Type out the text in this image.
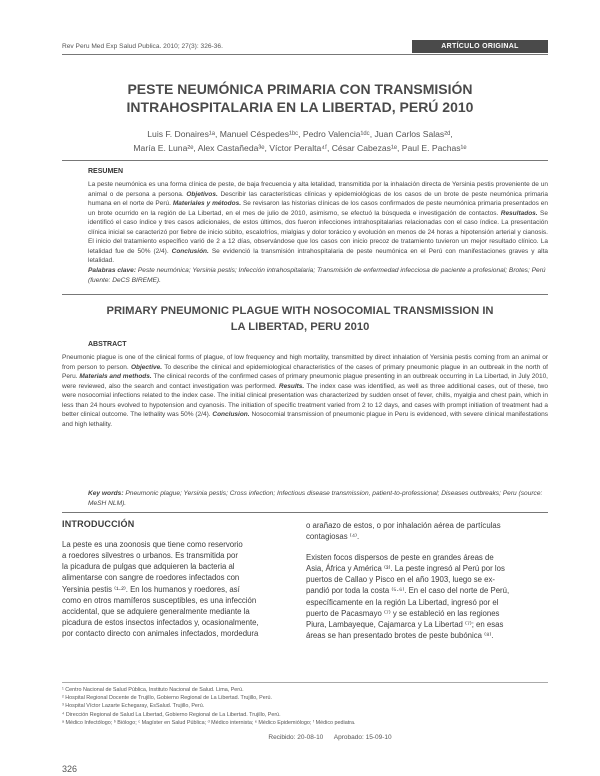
Rev Peru Med Exp Salud Publica. 2010; 27(3): 326-36.	ARTÍCULO ORIGINAL
PESTE NEUMÓNICA PRIMARIA CON TRANSMISIÓN
INTRAHOSPITALARIA EN LA LIBERTAD, PERÚ 2010
Luis F. Donaires¹ᵃ, Manuel Céspedes¹ᵇᶜ, Pedro Valencia¹ᵈᶜ, Juan Carlos Salas²ᵈ,
María E. Luna²ᵉ, Alex Castañeda³ᵉ, Víctor Peralta⁴ᶠ, César Cabezas¹ᵉ, Paul E. Pachas¹ᵉ
RESUMEN
La peste neumónica es una forma clínica de peste, de baja frecuencia y alta letalidad, transmitida por la inhalación directa de Yersinia pestis proveniente de un animal o de persona a persona. Objetivos. Describir las características clínicas y epidemiológicas de los casos de un brote de peste neumónica primaria humana en el norte de Perú. Materiales y métodos. Se revisaron las historias clínicas de los casos confirmados de peste neumónica primaria presentados en un brote ocurrido en la región de La Libertad, en el mes de julio de 2010, asimismo, se efectuó la búsqueda e investigación de contactos. Resultados. Se identificó el caso índice y tres casos adicionales, de estos últimos, dos fueron infecciones intrahospitalarias relacionadas con el caso índice. La presentación clínica inicial se caracterizó por fiebre de inicio súbito, escalofríos, mialgias y dolor torácico y evolución en menos de 24 horas a hipotensión arterial y cianosis. El inicio del tratamiento específico varió de 2 a 12 días, observándose que los casos con inicio precoz de tratamiento tuvieron un mejor resultado clínico. La letalidad fue de 50% (2/4). Conclusión. Se evidenció la transmisión intrahospitalaria de peste neumónica en el Perú con manifestaciones graves y alta letalidad.
Palabras clave: Peste neumónica; Yersinia pestis; Infección intrahospitalaria; Transmisión de enfermedad infecciosa de paciente a profesional; Brotes; Perú (fuente: DeCS BIREME).
PRIMARY PNEUMONIC PLAGUE WITH NOSOCOMIAL TRANSMISSION IN
LA LIBERTAD, PERU 2010
ABSTRACT
Pneumonic plague is one of the clinical forms of plague, of low frequency and high mortality, transmitted by direct inhalation of Yersinia pestis coming from an animal or from person to person. Objective. To describe the clinical and epidemiological characteristics of the cases of primary pneumonic plague in an outbreak in the north of Peru. Materials and methods. The clinical records of the confirmed cases of primary pneumonic plague presenting in an outbreak occurring in La Libertad, in July 2010, were reviewed, also the search and contact investigation was performed. Results. The index case was identified, as well as three additional cases, out of these, two were nosocomial infections related to the index case. The initial clinical presentation was characterized by sudden onset of fever, chills, myalgia and chest pain, which in less than 24 hours evolved to hypotension and cyanosis. The initiation of specific treatment varied from 2 to 12 days, and cases with prompt initiation of treatment had a better clinical outcome. The lethality was 50% (2/4). Conclusion. Nosocomial transmission of pneumonic plague in Peru is evidenced, with severe clinical manifestations and high lethality.
Key words: Pneumonic plague; Yersinia pestis; Cross infection; Infectious disease transmission, patient-to-professional; Diseases outbreaks; Peru (source: MeSH NLM).
INTRODUCCIÓN
La peste es una zoonosis que tiene como reservorio
a roedores silvestres o urbanos. Es transmitida por
la picadura de pulgas que adquieren la bacteria al
alimentarse con sangre de roedores infectados con
Yersinia pestis ⁽¹·²⁾. En los humanos y roedores, así
como en otros mamíferos susceptibles, es una infección
accidental, que se adquiere generalmente mediante la
picadura de estos insectos infectados y, ocasionalmente,
por contacto directo con animales infectados, mordedura
o arañazo de estos, o por inhalación aérea de partículas
contagiosas ⁽⁴⁾.
Existen focos dispersos de peste en grandes áreas de
Asia, África y América ⁽³⁾. La peste ingresó al Perú por los
puertos de Callao y Pisco en el año 1903, luego se ex-
pandió por toda la costa ⁽⁵·⁶⁾. En el caso del norte de Perú,
específicamente en la región La Libertad, ingresó por el
puerto de Pacasmayo ⁽⁷⁾ y se estableció en las regiones
Piura, Lambayeque, Cajamarca y La Libertad ⁽⁷⁾; en esas
áreas se han presentado brotes de peste bubónica ⁽⁸⁾.
¹ Centro Nacional de Salud Pública, Instituto Nacional de Salud. Lima, Perú.
² Hospital Regional Docente de Trujillo, Gobierno Regional de La Libertad. Trujillo, Perú.
³ Hospital Víctor Lazarte Echegaray, EsSalud. Trujillo, Perú.
⁴ Dirección Regional de Salud La Libertad, Gobierno Regional de La Libertad. Trujillo, Perú.
ᵃ Médico Infectólogo; ᵇ Biólogo; ᶜ Magíster en Salud Pública; ᵈ Médico internista; ᵉ Médico Epidemiólogo; ᶠ Médico pediatra.
Recibido: 20-08-10      Aprobado: 15-09-10
326
